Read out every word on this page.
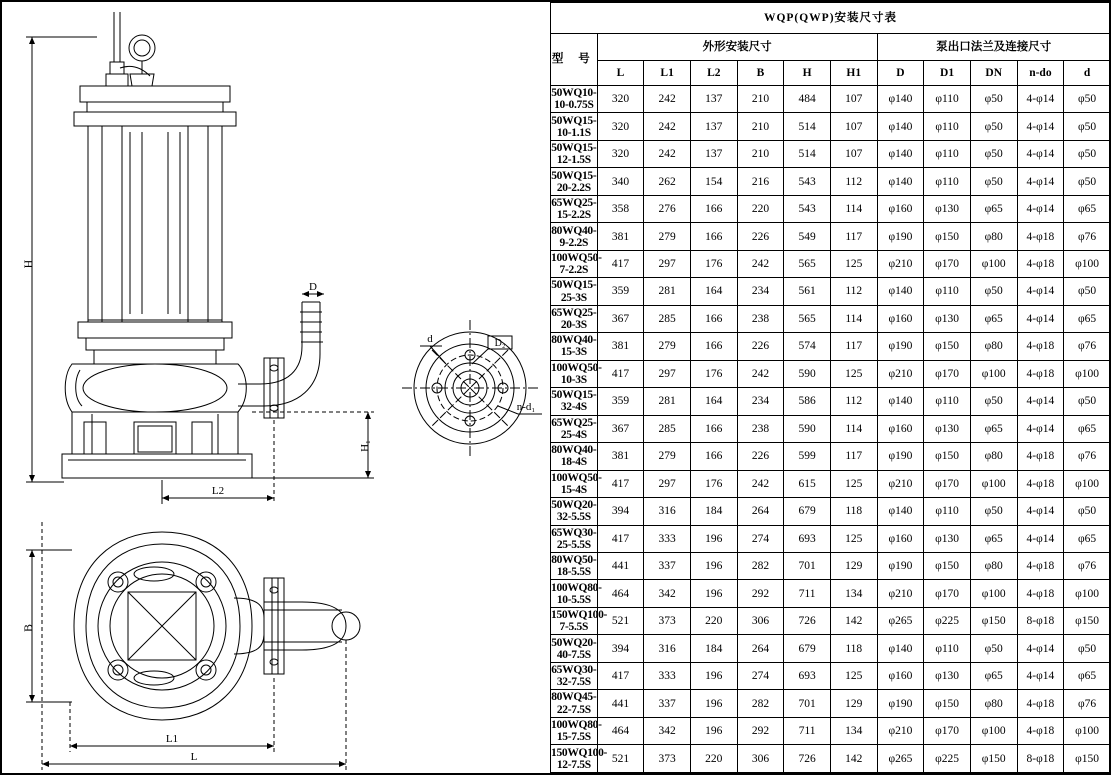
H
D
H₁
L2
d	D₂
n-d₁
B
L1
L
WQP(QWP)安装尺寸表											
型 号	外形安装尺寸						泵出口法兰及连接尺寸				
	L	L1	L2	B	H	H1	D	D1	DN	n-do	d
50WQ10-10-0.75S	320	242	137	210	484	107	φ140	φ110	φ50	4-φ14	φ50
50WQ15-10-1.1S	320	242	137	210	514	107	φ140	φ110	φ50	4-φ14	φ50
50WQ15-12-1.5S	320	242	137	210	514	107	φ140	φ110	φ50	4-φ14	φ50
50WQ15-20-2.2S	340	262	154	216	543	112	φ140	φ110	φ50	4-φ14	φ50
65WQ25-15-2.2S	358	276	166	220	543	114	φ160	φ130	φ65	4-φ14	φ65
80WQ40-9-2.2S	381	279	166	226	549	117	φ190	φ150	φ80	4-φ18	φ76
100WQ50-7-2.2S	417	297	176	242	565	125	φ210	φ170	φ100	4-φ18	φ100
50WQ15-25-3S	359	281	164	234	561	112	φ140	φ110	φ50	4-φ14	φ50
65WQ25-20-3S	367	285	166	238	565	114	φ160	φ130	φ65	4-φ14	φ65
80WQ40-15-3S	381	279	166	226	574	117	φ190	φ150	φ80	4-φ18	φ76
100WQ50-10-3S	417	297	176	242	590	125	φ210	φ170	φ100	4-φ18	φ100
50WQ15-32-4S	359	281	164	234	586	112	φ140	φ110	φ50	4-φ14	φ50
65WQ25-25-4S	367	285	166	238	590	114	φ160	φ130	φ65	4-φ14	φ65
80WQ40-18-4S	381	279	166	226	599	117	φ190	φ150	φ80	4-φ18	φ76
100WQ50-15-4S	417	297	176	242	615	125	φ210	φ170	φ100	4-φ18	φ100
50WQ20-32-5.5S	394	316	184	264	679	118	φ140	φ110	φ50	4-φ14	φ50
65WQ30-25-5.5S	417	333	196	274	693	125	φ160	φ130	φ65	4-φ14	φ65
80WQ50-18-5.5S	441	337	196	282	701	129	φ190	φ150	φ80	4-φ18	φ76
100WQ80-10-5.5S	464	342	196	292	711	134	φ210	φ170	φ100	4-φ18	φ100
150WQ100-7-5.5S	521	373	220	306	726	142	φ265	φ225	φ150	8-φ18	φ150
50WQ20-40-7.5S	394	316	184	264	679	118	φ140	φ110	φ50	4-φ14	φ50
65WQ30-32-7.5S	417	333	196	274	693	125	φ160	φ130	φ65	4-φ14	φ65
80WQ45-22-7.5S	441	337	196	282	701	129	φ190	φ150	φ80	4-φ18	φ76
100WQ80-15-7.5S	464	342	196	292	711	134	φ210	φ170	φ100	4-φ18	φ100
150WQ100-12-7.5S	521	373	220	306	726	142	φ265	φ225	φ150	8-φ18	φ150
